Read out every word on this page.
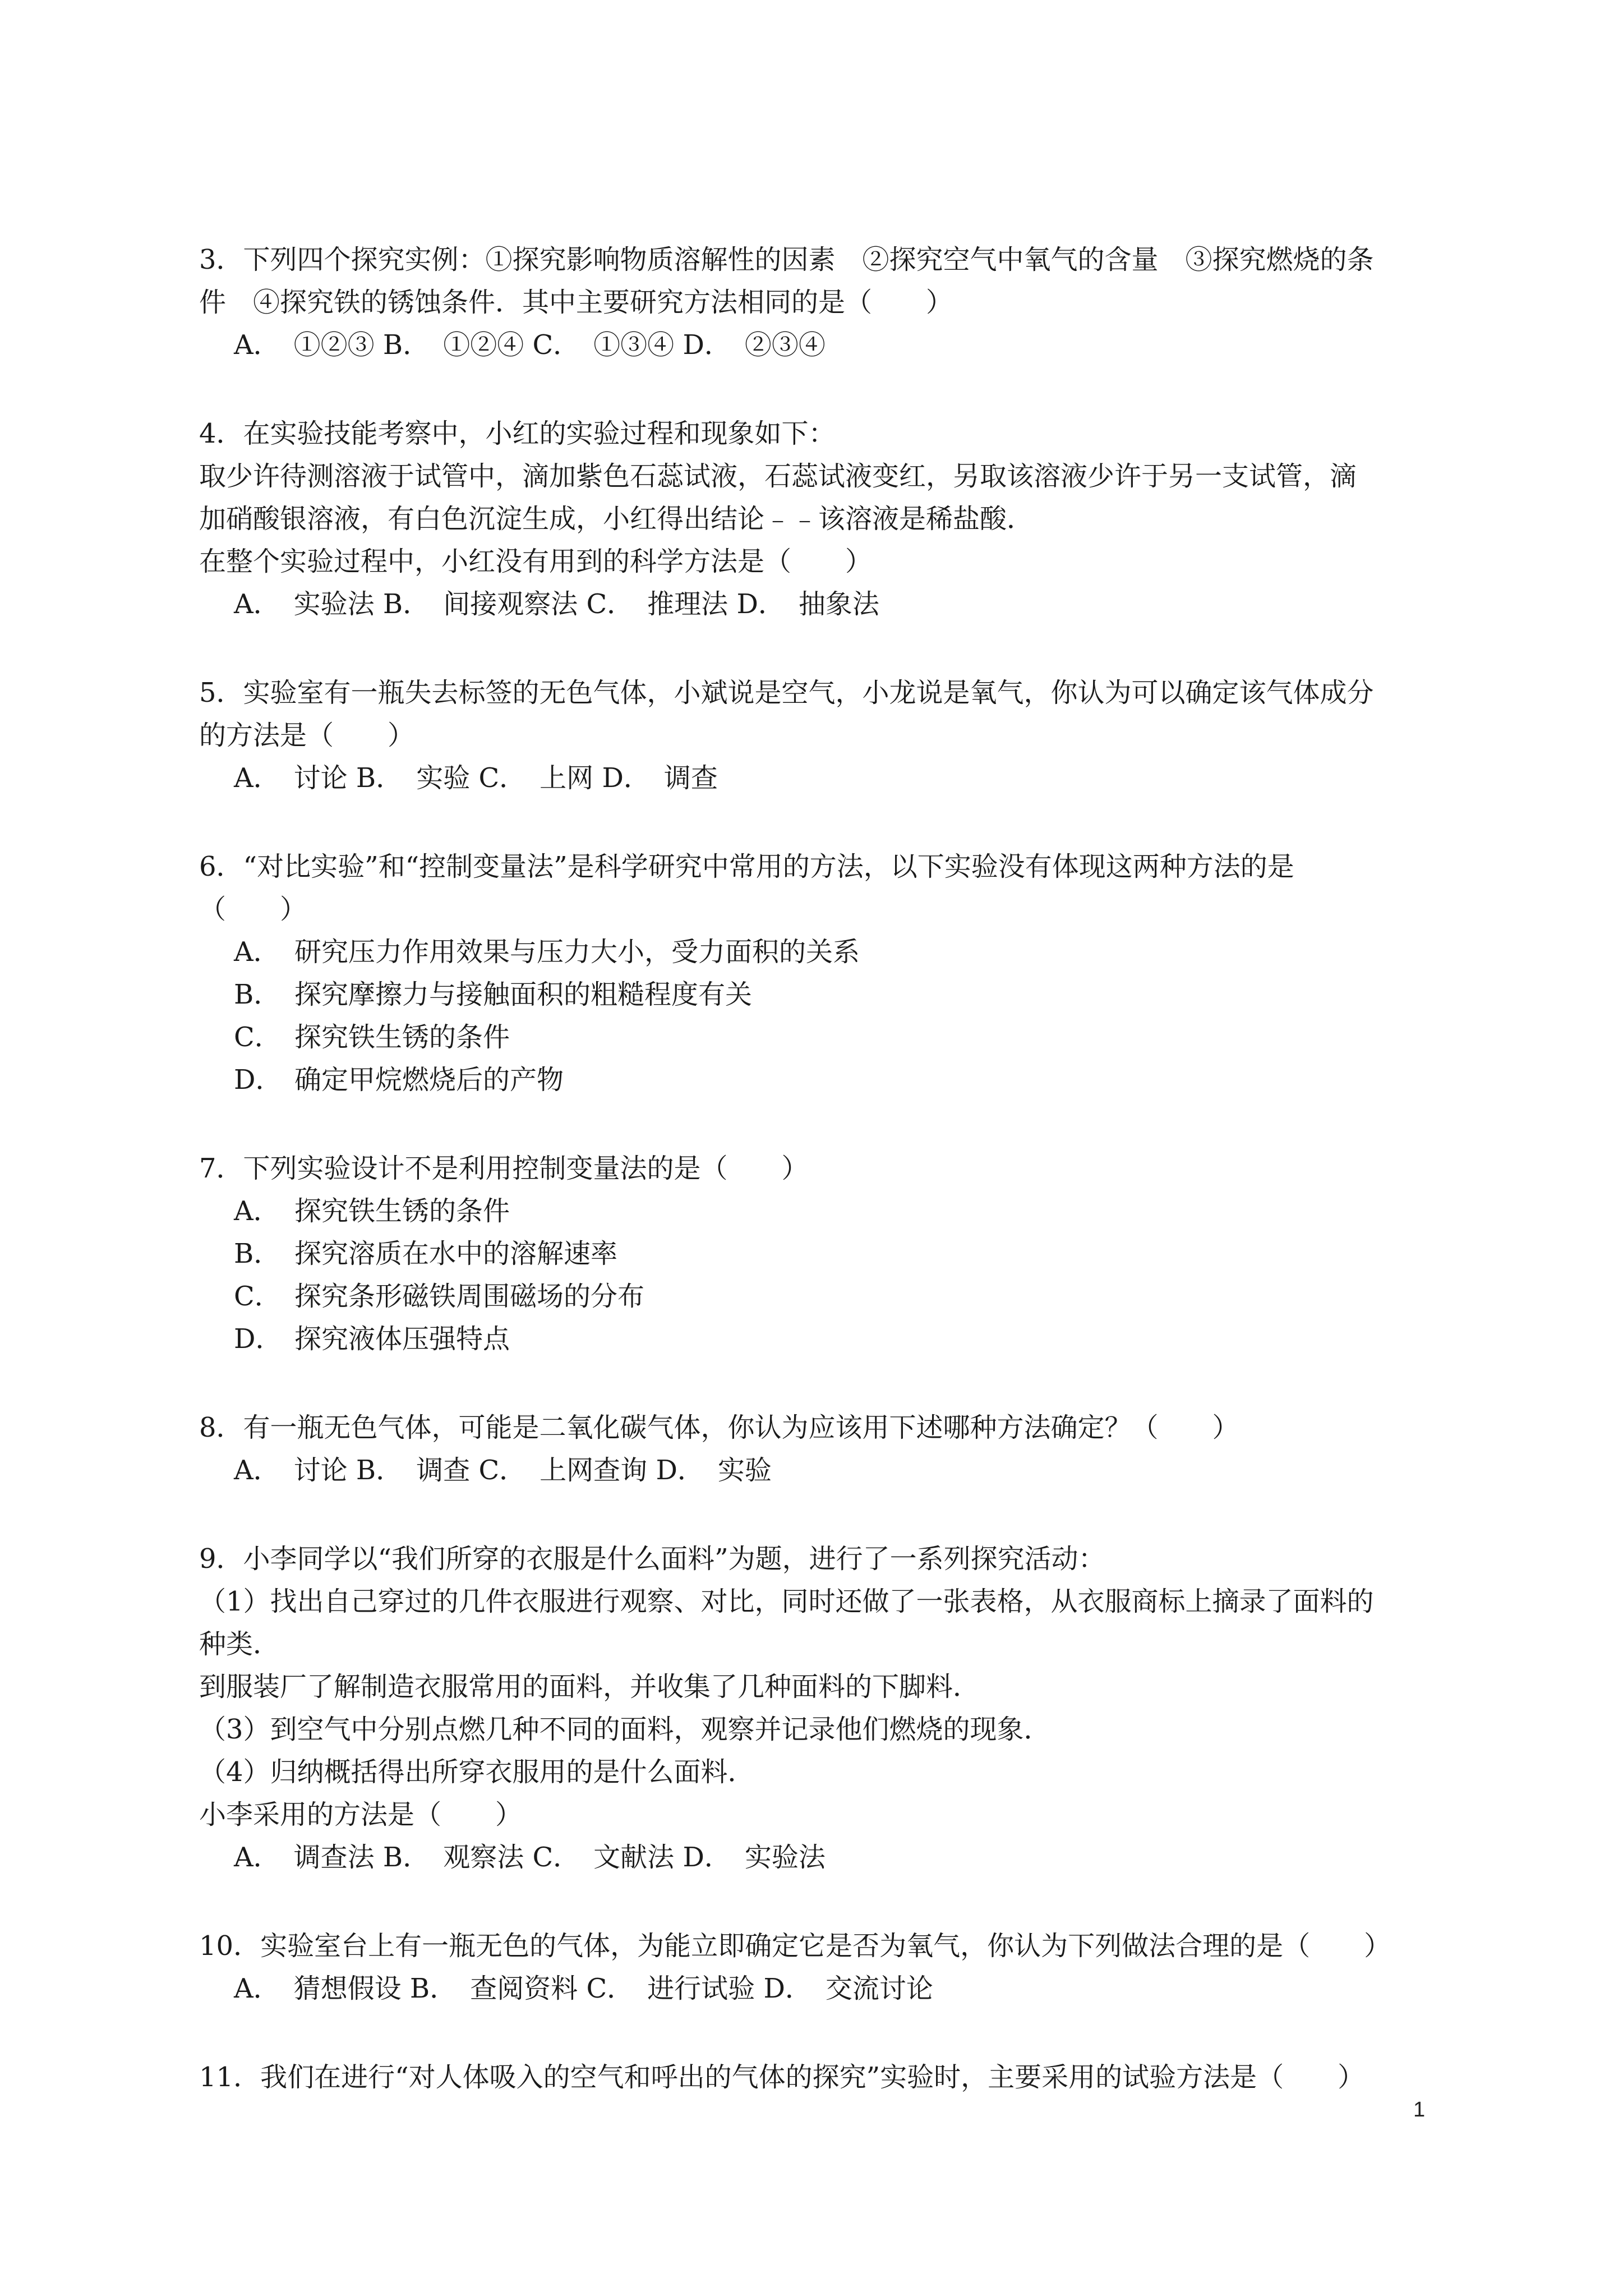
3．下列四个探究实例：①探究影响物质溶解性的因素　②探究空气中氧气的含量　③探究燃烧的条
件　④探究铁的锈蚀条件．其中主要研究方法相同的是（　　）
A．　①②③ B．　①②④ C．　①③④ D．　②③④
4．在实验技能考察中，小红的实验过程和现象如下：
取少许待测溶液于试管中，滴加紫色石蕊试液，石蕊试液变红，另取该溶液少许于另一支试管，滴
加硝酸银溶液，有白色沉淀生成，小红得出结论﹣﹣该溶液是稀盐酸．
在整个实验过程中，小红没有用到的科学方法是（　　）
A．　实验法 B．　间接观察法 C．　推理法 D．　抽象法
5．实验室有一瓶失去标签的无色气体，小斌说是空气，小龙说是氧气，你认为可以确定该气体成分
的方法是（　　）
A．　讨论 B．　实验 C．　上网 D．　调查
6．“对比实验”和“控制变量法”是科学研究中常用的方法，以下实验没有体现这两种方法的是
（　　）
A． 研究压力作用效果与压力大小，受力面积的关系
B． 探究摩擦力与接触面积的粗糙程度有关
C． 探究铁生锈的条件
D． 确定甲烷燃烧后的产物
7．下列实验设计不是利用控制变量法的是（　　）
A． 探究铁生锈的条件
B． 探究溶质在水中的溶解速率
C． 探究条形磁铁周围磁场的分布
D． 探究液体压强特点
8．有一瓶无色气体，可能是二氧化碳气体，你认为应该用下述哪种方法确定？（　　）
A．　讨论 B．　调查 C．　上网查询 D．　实验
9．小李同学以“我们所穿的衣服是什么面料”为题，进行了一系列探究活动：
（1）找出自己穿过的几件衣服进行观察、对比，同时还做了一张表格，从衣服商标上摘录了面料的
种类．
到服装厂了解制造衣服常用的面料，并收集了几种面料的下脚料．
（3）到空气中分别点燃几种不同的面料，观察并记录他们燃烧的现象．
（4）归纳概括得出所穿衣服用的是什么面料．
小李采用的方法是（　　）
A．　调查法 B．　观察法 C．　文献法 D．　实验法
10．实验室台上有一瓶无色的气体，为能立即确定它是否为氧气，你认为下列做法合理的是（　　）
A．　猜想假设 B．　查阅资料 C．　进行试验 D．　交流讨论
11．我们在进行“对人体吸入的空气和呼出的气体的探究”实验时，主要采用的试验方法是（　　）
1
